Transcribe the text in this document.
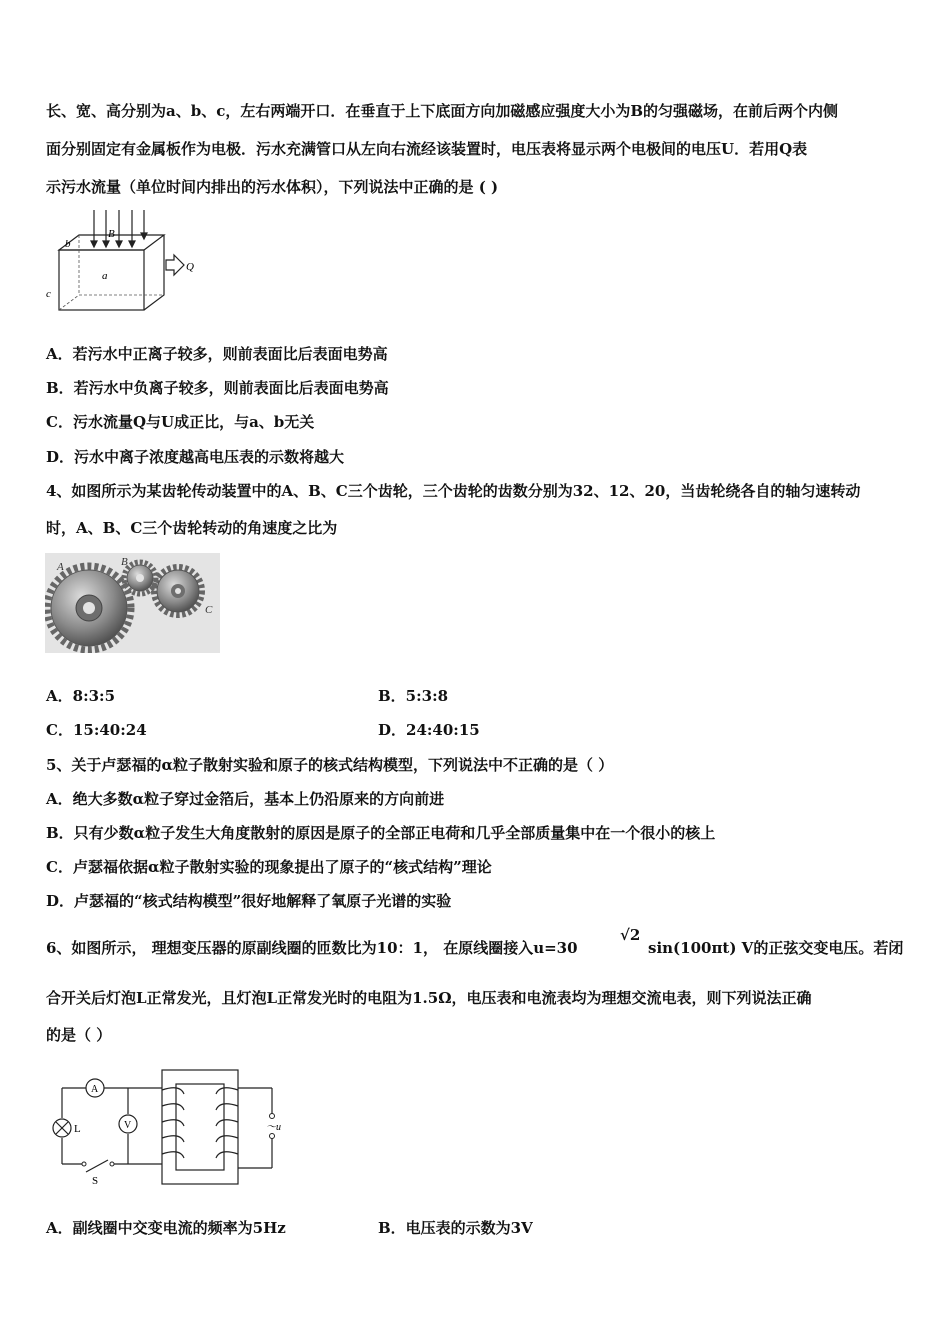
长、宽、高分别为a、b、c，左右两端开口．在垂直于上下底面方向加磁感应强度大小为B的匀强磁场，在前后两个内侧
面分别固定有金属板作为电极．污水充满管口从左向右流经该装置时，电压表将显示两个电极间的电压U．若用Q表
示污水流量（单位时间内排出的污水体积），下列说法中正确的是 ( )
b
B
a
c
Q
A．若污水中正离子较多，则前表面比后表面电势高
B．若污水中负离子较多，则前表面比后表面电势高
C．污水流量Q与U成正比，与a、b无关
D．污水中离子浓度越高电压表的示数将越大
4、如图所示为某齿轮传动装置中的A、B、C三个齿轮，三个齿轮的齿数分别为32、12、20，当齿轮绕各自的轴匀速转动
时，A、B、C三个齿轮转动的角速度之比为
A	B
C
A．8:3:5	B．5:3:8
C．15:40:24	D．24:40:15
5、关于卢瑟福的α粒子散射实验和原子的核式结构模型，下列说法中不正确的是（ ）
A．绝大多数α粒子穿过金箔后，基本上仍沿原来的方向前进
B．只有少数α粒子发生大角度散射的原因是原子的全部正电荷和几乎全部质量集中在一个很小的核上
C．卢瑟福依据α粒子散射实验的现象提出了原子的“核式结构”理论
D．卢瑟福的“核式结构模型”很好地解释了氧原子光谱的实验
6、如图所示， 理想变压器的原副线圈的匝数比为10：1， 在原线圈接入u=30
√2
sin(100πt) V的正弦交变电压。若闭
合开关后灯泡L正常发光，且灯泡L正常发光时的电阻为1.5Ω，电压表和电流表均为理想交流电表，则下列说法正确
的是（ ）
A
V
L
S
～u
A．副线圈中交变电流的频率为5Hz	B．电压表的示数为3V
